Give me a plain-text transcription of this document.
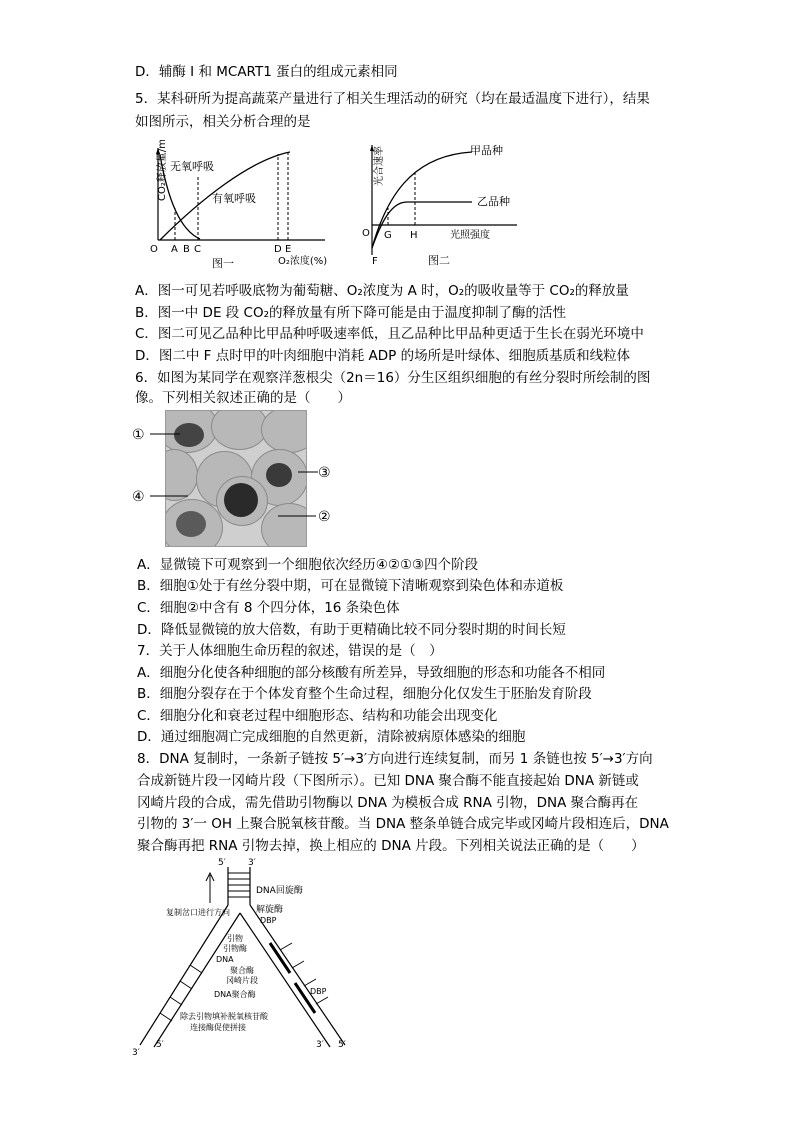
D．辅酶 I 和 MCART1 蛋白的组成元素相同
5．某科研所为提高蔬菜产量进行了相关生理活动的研究（均在最适温度下进行），结果
如图所示，相关分析合理的是
CO₂释放量/mL 无氧呼吸
有氧呼吸
O A B C	D E
O₂浓度(%)
图一
光合速率	甲品种
乙品种
O G H
F
光照强度
图二
A．图一可见若呼吸底物为葡萄糖、O₂浓度为 A 时，O₂的吸收量等于 CO₂的释放量
B．图一中 DE 段 CO₂的释放量有所下降可能是由于温度抑制了酶的活性
C．图二可见乙品种比甲品种呼吸速率低，且乙品种比甲品种更适于生长在弱光环境中
D．图二中 F 点时甲的叶肉细胞中消耗 ADP 的场所是叶绿体、细胞质基质和线粒体
6．如图为某同学在观察洋葱根尖（2n＝16）分生区组织细胞的有丝分裂时所绘制的图
像。下列相关叙述正确的是（　　）
①
③
④
②
A．显微镜下可观察到一个细胞依次经历④②①③四个阶段
B．细胞①处于有丝分裂中期，可在显微镜下清晰观察到染色体和赤道板
C．细胞②中含有 8 个四分体，16 条染色体
D．降低显微镜的放大倍数，有助于更精确比较不同分裂时期的时间长短
7．关于人体细胞生命历程的叙述，错误的是（　）
A．细胞分化使各种细胞的部分核酸有所差异，导致细胞的形态和功能各不相同
B．细胞分裂存在于个体发育整个生命过程，细胞分化仅发生于胚胎发育阶段
C．细胞分化和衰老过程中细胞形态、结构和功能会出现变化
D．通过细胞凋亡完成细胞的自然更新，清除被病原体感染的细胞
8．DNA 复制时，一条新子链按 5′→3′方向进行连续复制，而另 1 条链也按 5′→3′方向
合成新链片段一冈崎片段（下图所示）。已知 DNA 聚合酶不能直接起始 DNA 新链或
冈崎片段的合成，需先借助引物酶以 DNA 为模板合成 RNA 引物，DNA 聚合酶再在
引物的 3′一 OH 上聚合脱氧核苷酸。当 DNA 整条单链合成完毕或冈崎片段相连后，DNA
聚合酶再把 RNA 引物去掉，换上相应的 DNA 片段。下列相关说法正确的是（　　）
5′ 3′
DNA回旋酶
解旋酶
DBP
复制岔口进行方向
引物
引物酶
DNA
聚合酶
冈崎片段
DNA聚合酶	DBP
除去引物填补脱氧核苷酸
连接酶促使拼接
3′
5′	3′ 5′
